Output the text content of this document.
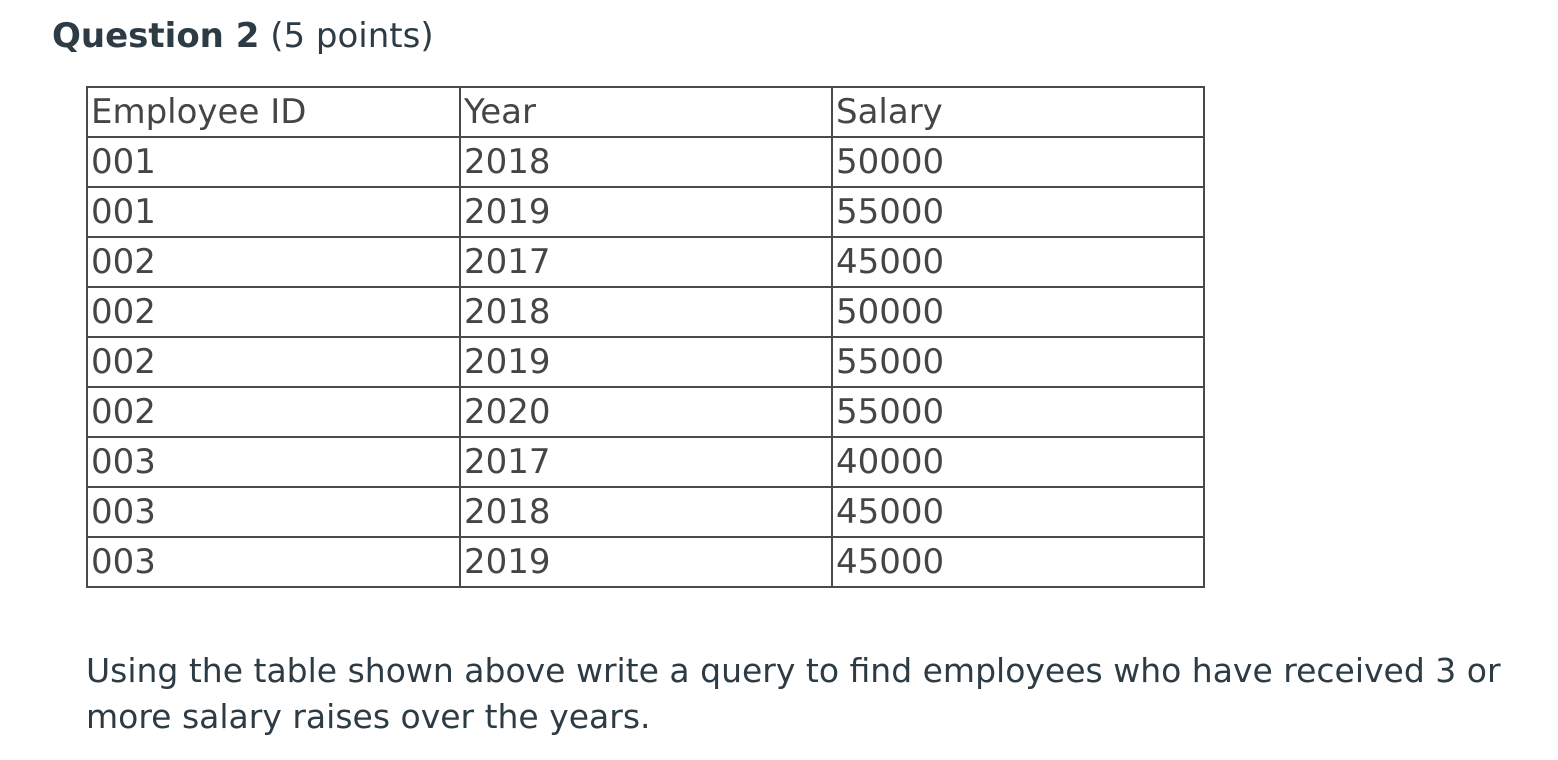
Question 2 (5 points)
Employee ID	Year	Salary
001	2018	50000
001	2019	55000
002	2017	45000
002	2018	50000
002	2019	55000
002	2020	55000
003	2017	40000
003	2018	45000
003	2019	45000
Using the table shown above write a query to find employees who have received 3 or more salary raises over the years.
